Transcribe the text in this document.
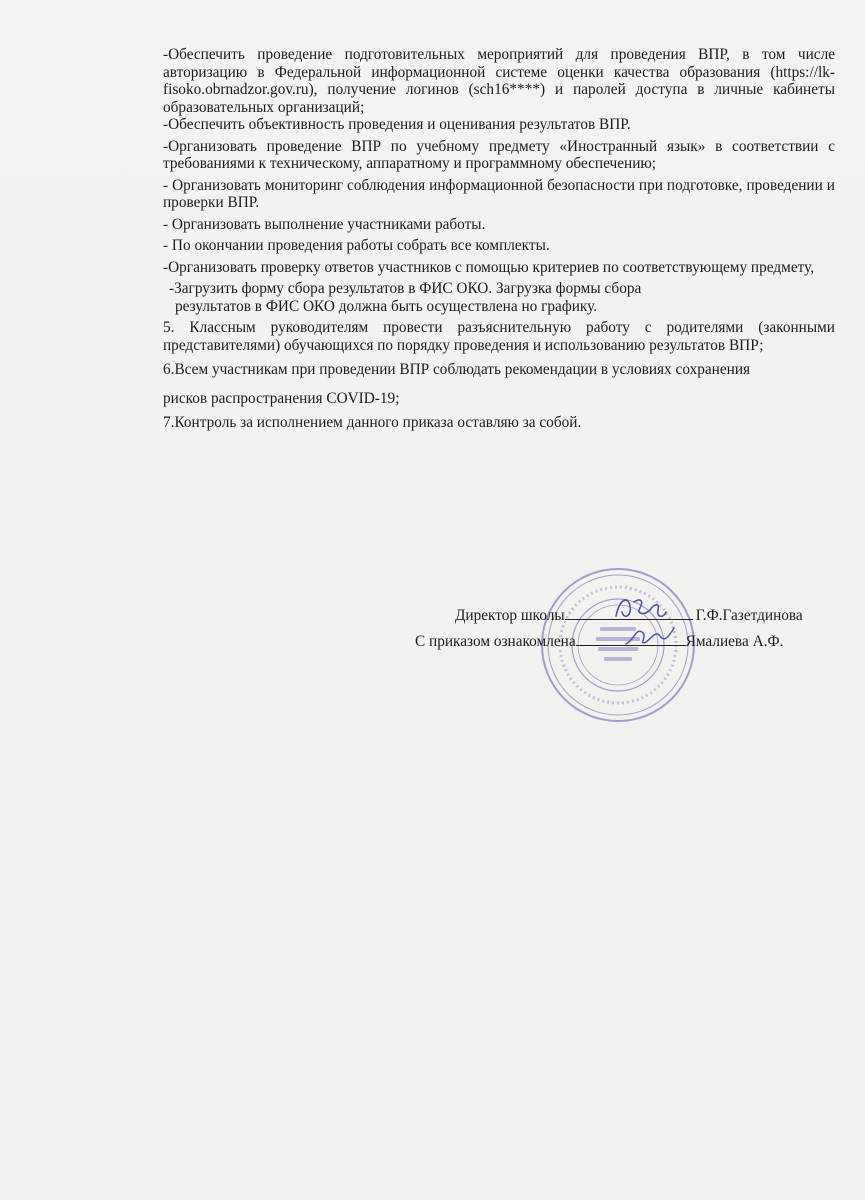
-Обеспечить проведение подготовительных мероприятий для проведения ВПР, в том числе авторизацию в Федеральной информационной системе оценки качества образования (https://lk-fisoko.obrnadzor.gov.ru), получение логинов (sch16****) и паролей доступа в личные кабинеты образовательных организаций;

-Обеспечить объективность проведения и оценивания результатов ВПР.

-Организовать проведение ВПР по учебному предмету «Иностранный язык» в соответствии с требованиями к техническому, аппаратному и программному обеспечению;

- Организовать мониторинг соблюдения информационной безопасности при подготовке, проведении и проверки ВПР.

- Организовать выполнение участниками работы.

- По окончании проведения работы собрать все комплекты.

-Организовать проверку ответов участников с помощью критериев по соответствующему предмету,

-Загрузить форму сбора результатов в ФИС ОКО. Загрузка формы сбора

результатов в ФИС ОКО должна быть осуществлена но графику.

5. Классным руководителям провести разъяснительную работу с родителями (законными представителями) обучающихся по порядку проведения и использованию результатов ВПР;

6.Всем участникам при проведении ВПР соблюдать рекомендации в условиях сохранения
рисков распространения COVID-19;

7.Контроль за исполнением данного приказа оставляю за собой.

Директор школы	Г.Ф.Газетдинова
С приказом ознакомлена	Ямалиева А.Ф.
